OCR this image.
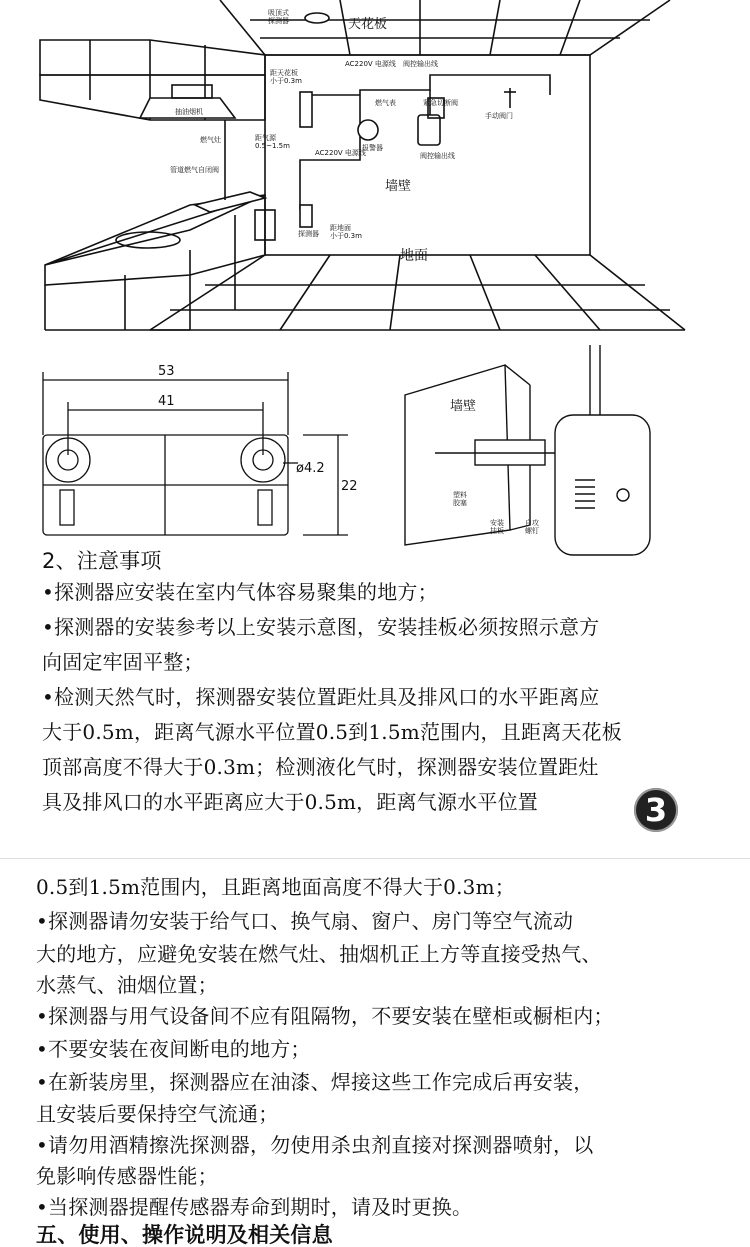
天花板
墙壁
地面
吸顶式探测器
距天花板小于0.3m
AC220V 电源线 阀控输出线
紧急切断阀
手动阀门
抽油烟机
燃气表
燃气灶
报警器
AC220V 电源线
距气源 0.5~1.5m
管道燃气自闭阀
距地面小于0.3m
阀控输出线
探测器
53
41
ø4.2
22
墙壁
塑料胶塞
安装挂板
自攻螺钉
2、注意事项
•探测器应安装在室内气体容易聚集的地方；
•探测器的安装参考以上安装示意图，安装挂板必须按照示意方
向固定牢固平整；
•检测天然气时，探测器安装位置距灶具及排风口的水平距离应
大于0.5m，距离气源水平位置0.5到1.5m范围内，且距离天花板
顶部高度不得大于0.3m；检测液化气时，探测器安装位置距灶
具及排风口的水平距离应大于0.5m，距离气源水平位置	3
0.5到1.5m范围内，且距离地面高度不得大于0.3m；
•探测器请勿安装于给气口、换气扇、窗户、房门等空气流动
大的地方，应避免安装在燃气灶、抽烟机正上方等直接受热气、
水蒸气、油烟位置；
•探测器与用气设备间不应有阻隔物，不要安装在壁柜或橱柜内；
•不要安装在夜间断电的地方；
•在新装房里，探测器应在油漆、焊接这些工作完成后再安装，
且安装后要保持空气流通；
•请勿用酒精擦洗探测器，勿使用杀虫剂直接对探测器喷射，以
免影响传感器性能；
•当探测器提醒传感器寿命到期时，请及时更换。
五、使用、操作说明及相关信息
